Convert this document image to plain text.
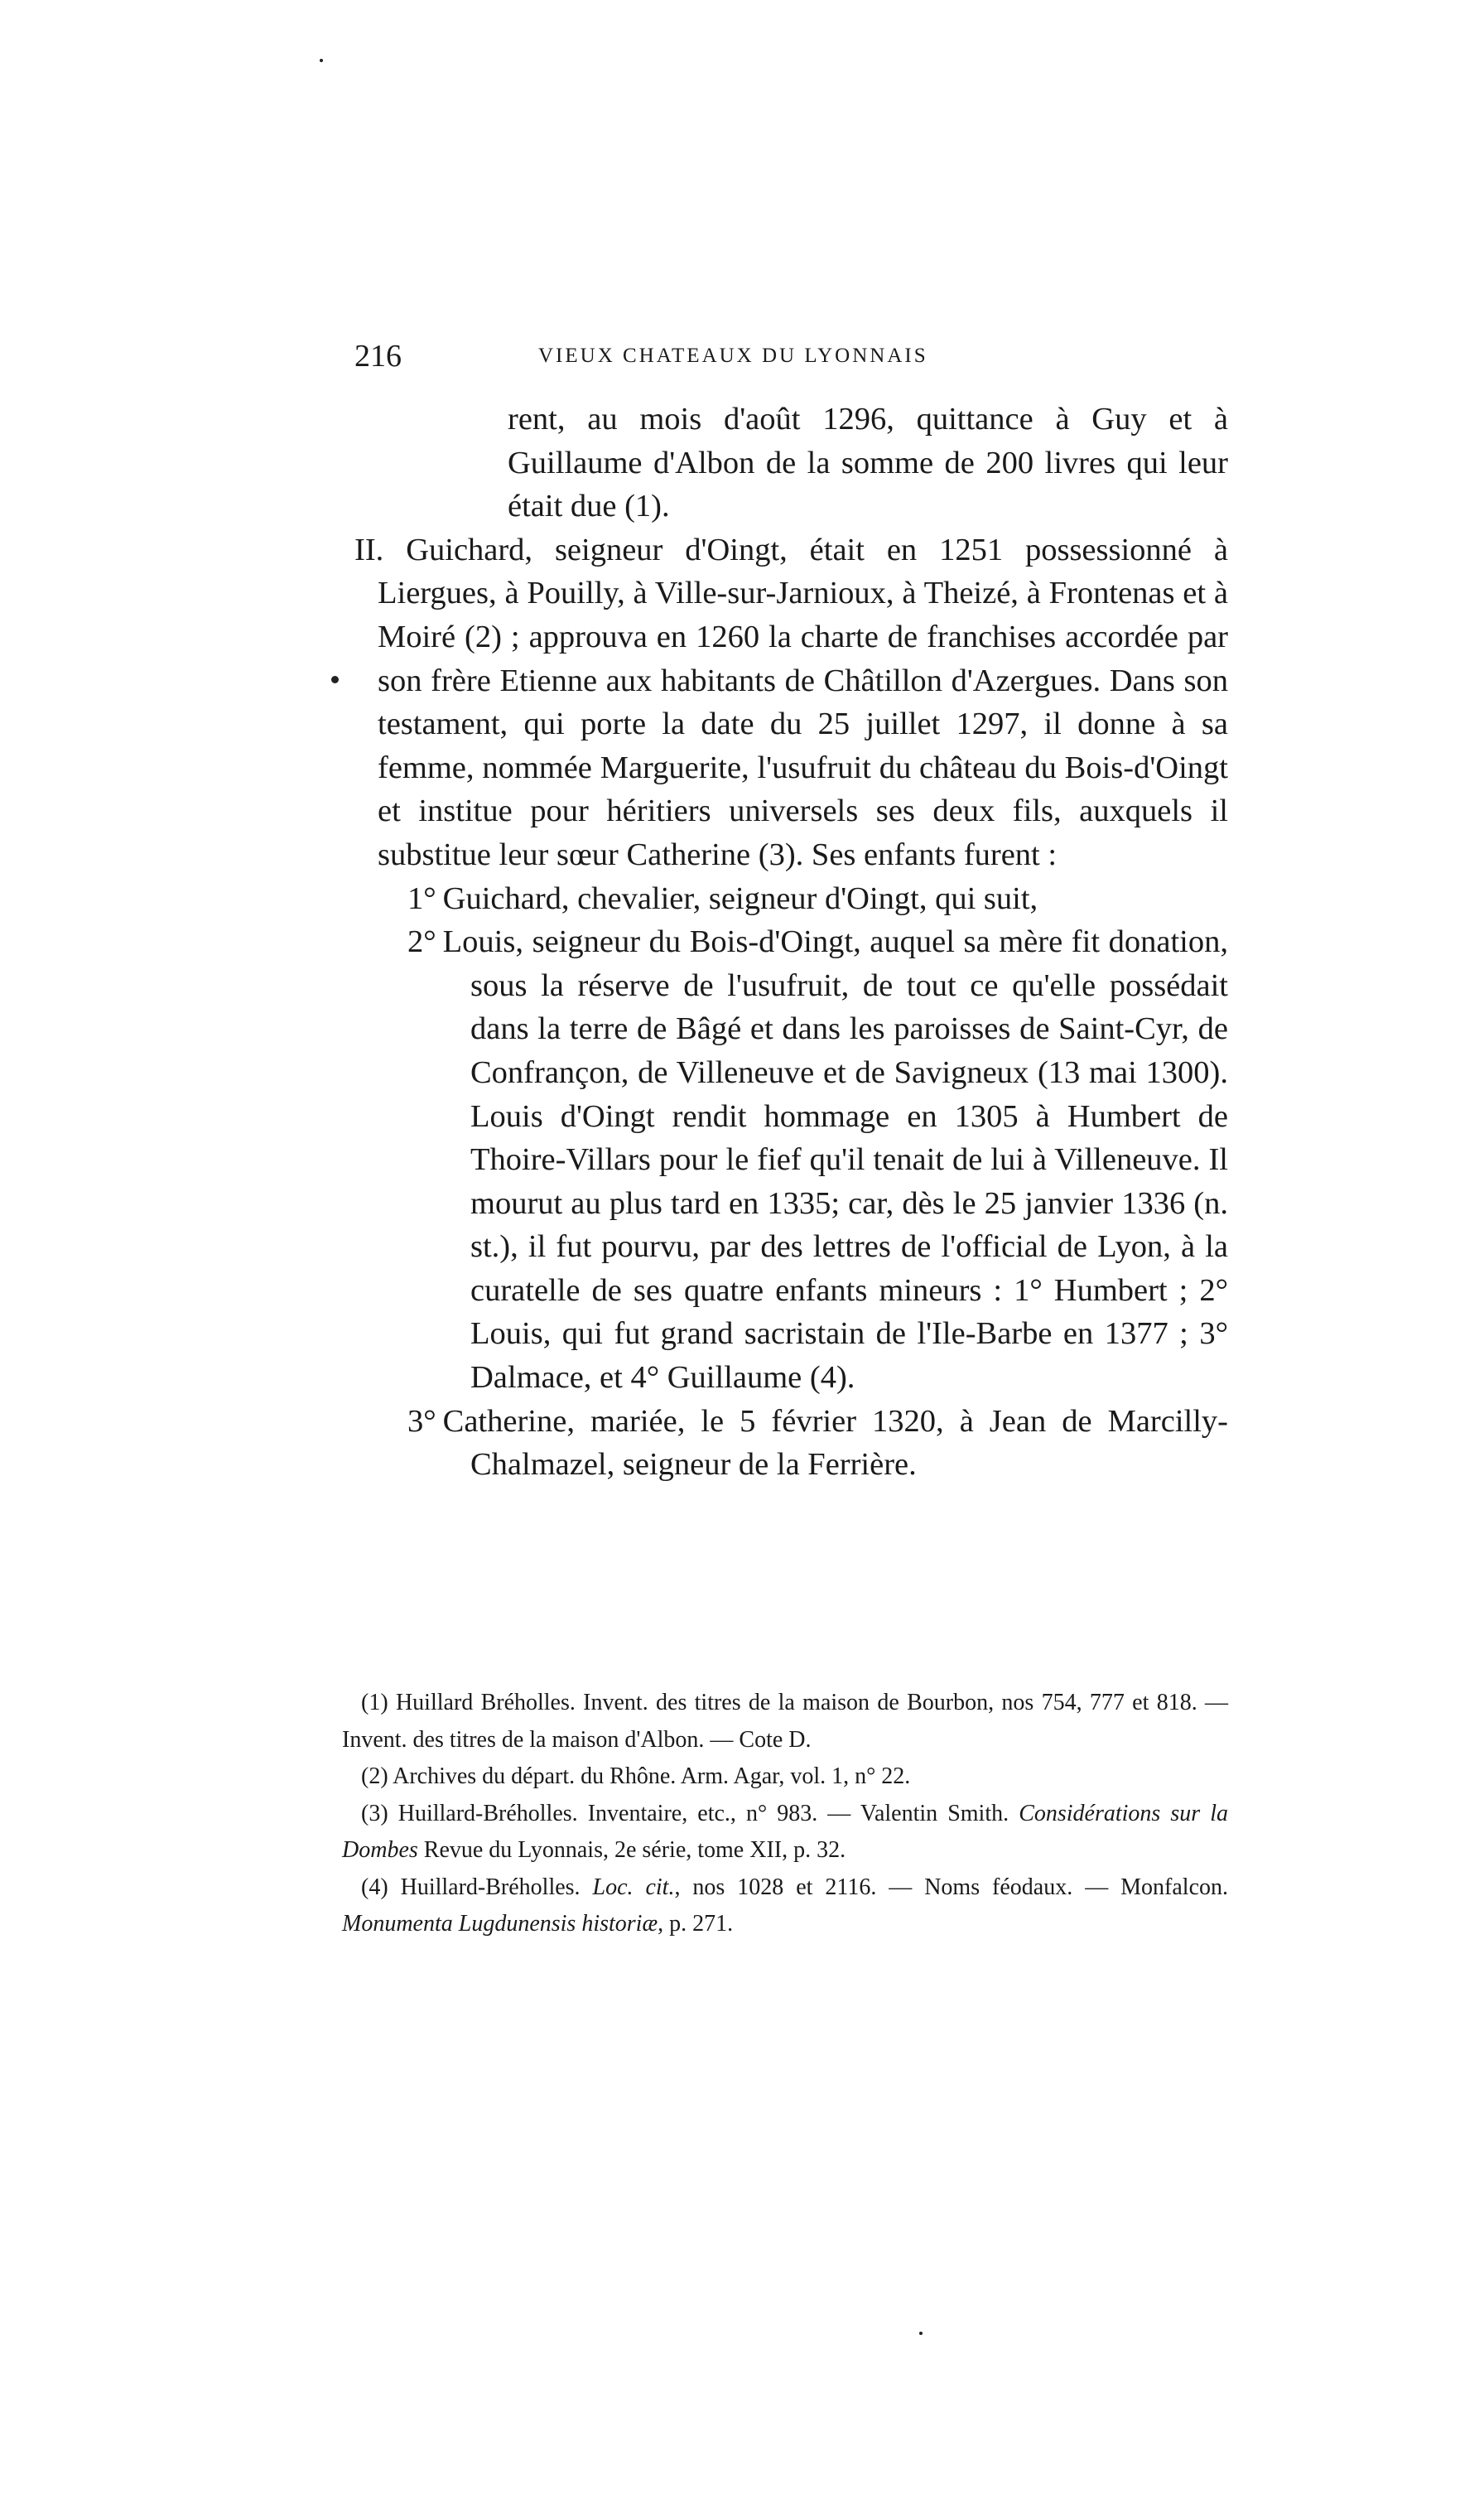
216	VIEUX CHATEAUX DU LYONNAIS

rent, au mois d'août 1296, quittance à Guy et à Guillaume d'Albon de la somme de 200 livres qui leur était due (1).

II. Guichard, seigneur d'Oingt, était en 1251 possessionné à Liergues, à Pouilly, à Ville-sur-Jarnioux, à Theizé, à Frontenas et à Moiré (2) ; approuva en 1260 la charte de franchises accordée par son frère Etienne aux habitants de Châtillon d'Azergues. Dans son testament, qui porte la date du 25 juillet 1297, il donne à sa femme, nommée Marguerite, l'usufruit du château du Bois-d'Oingt et institue pour héritiers universels ses deux fils, auxquels il substitue leur sœur Catherine (3). Ses enfants furent :

1° Guichard, chevalier, seigneur d'Oingt, qui suit,
2° Louis, seigneur du Bois-d'Oingt, auquel sa mère fit donation, sous la réserve de l'usufruit, de tout ce qu'elle possédait dans la terre de Bâgé et dans les paroisses de Saint-Cyr, de Confrançon, de Villeneuve et de Savigneux (13 mai 1300). Louis d'Oingt rendit hommage en 1305 à Humbert de Thoire-Villars pour le fief qu'il tenait de lui à Villeneuve. Il mourut au plus tard en 1335; car, dès le 25 janvier 1336 (n. st.), il fut pourvu, par des lettres de l'official de Lyon, à la curatelle de ses quatre enfants mineurs : 1° Humbert ; 2° Louis, qui fut grand sacristain de l'Ile-Barbe en 1377 ; 3° Dalmace, et 4° Guillaume (4).
3° Catherine, mariée, le 5 février 1320, à Jean de Marcilly-Chalmazel, seigneur de la Ferrière.

(1) Huillard Bréholles. Invent. des titres de la maison de Bourbon, nos 754, 777 et 818. — Invent. des titres de la maison d'Albon. — Cote D.

(2) Archives du départ. du Rhône. Arm. Agar, vol. 1, n° 22.

(3) Huillard-Bréholles. Inventaire, etc., n° 983. — Valentin Smith. Considérations sur la Dombes Revue du Lyonnais, 2e série, tome XII, p. 32.

(4) Huillard-Bréholles. Loc. cit., nos 1028 et 2116. — Noms féodaux. — Monfalcon. Monumenta Lugdunensis historiæ, p. 271.
